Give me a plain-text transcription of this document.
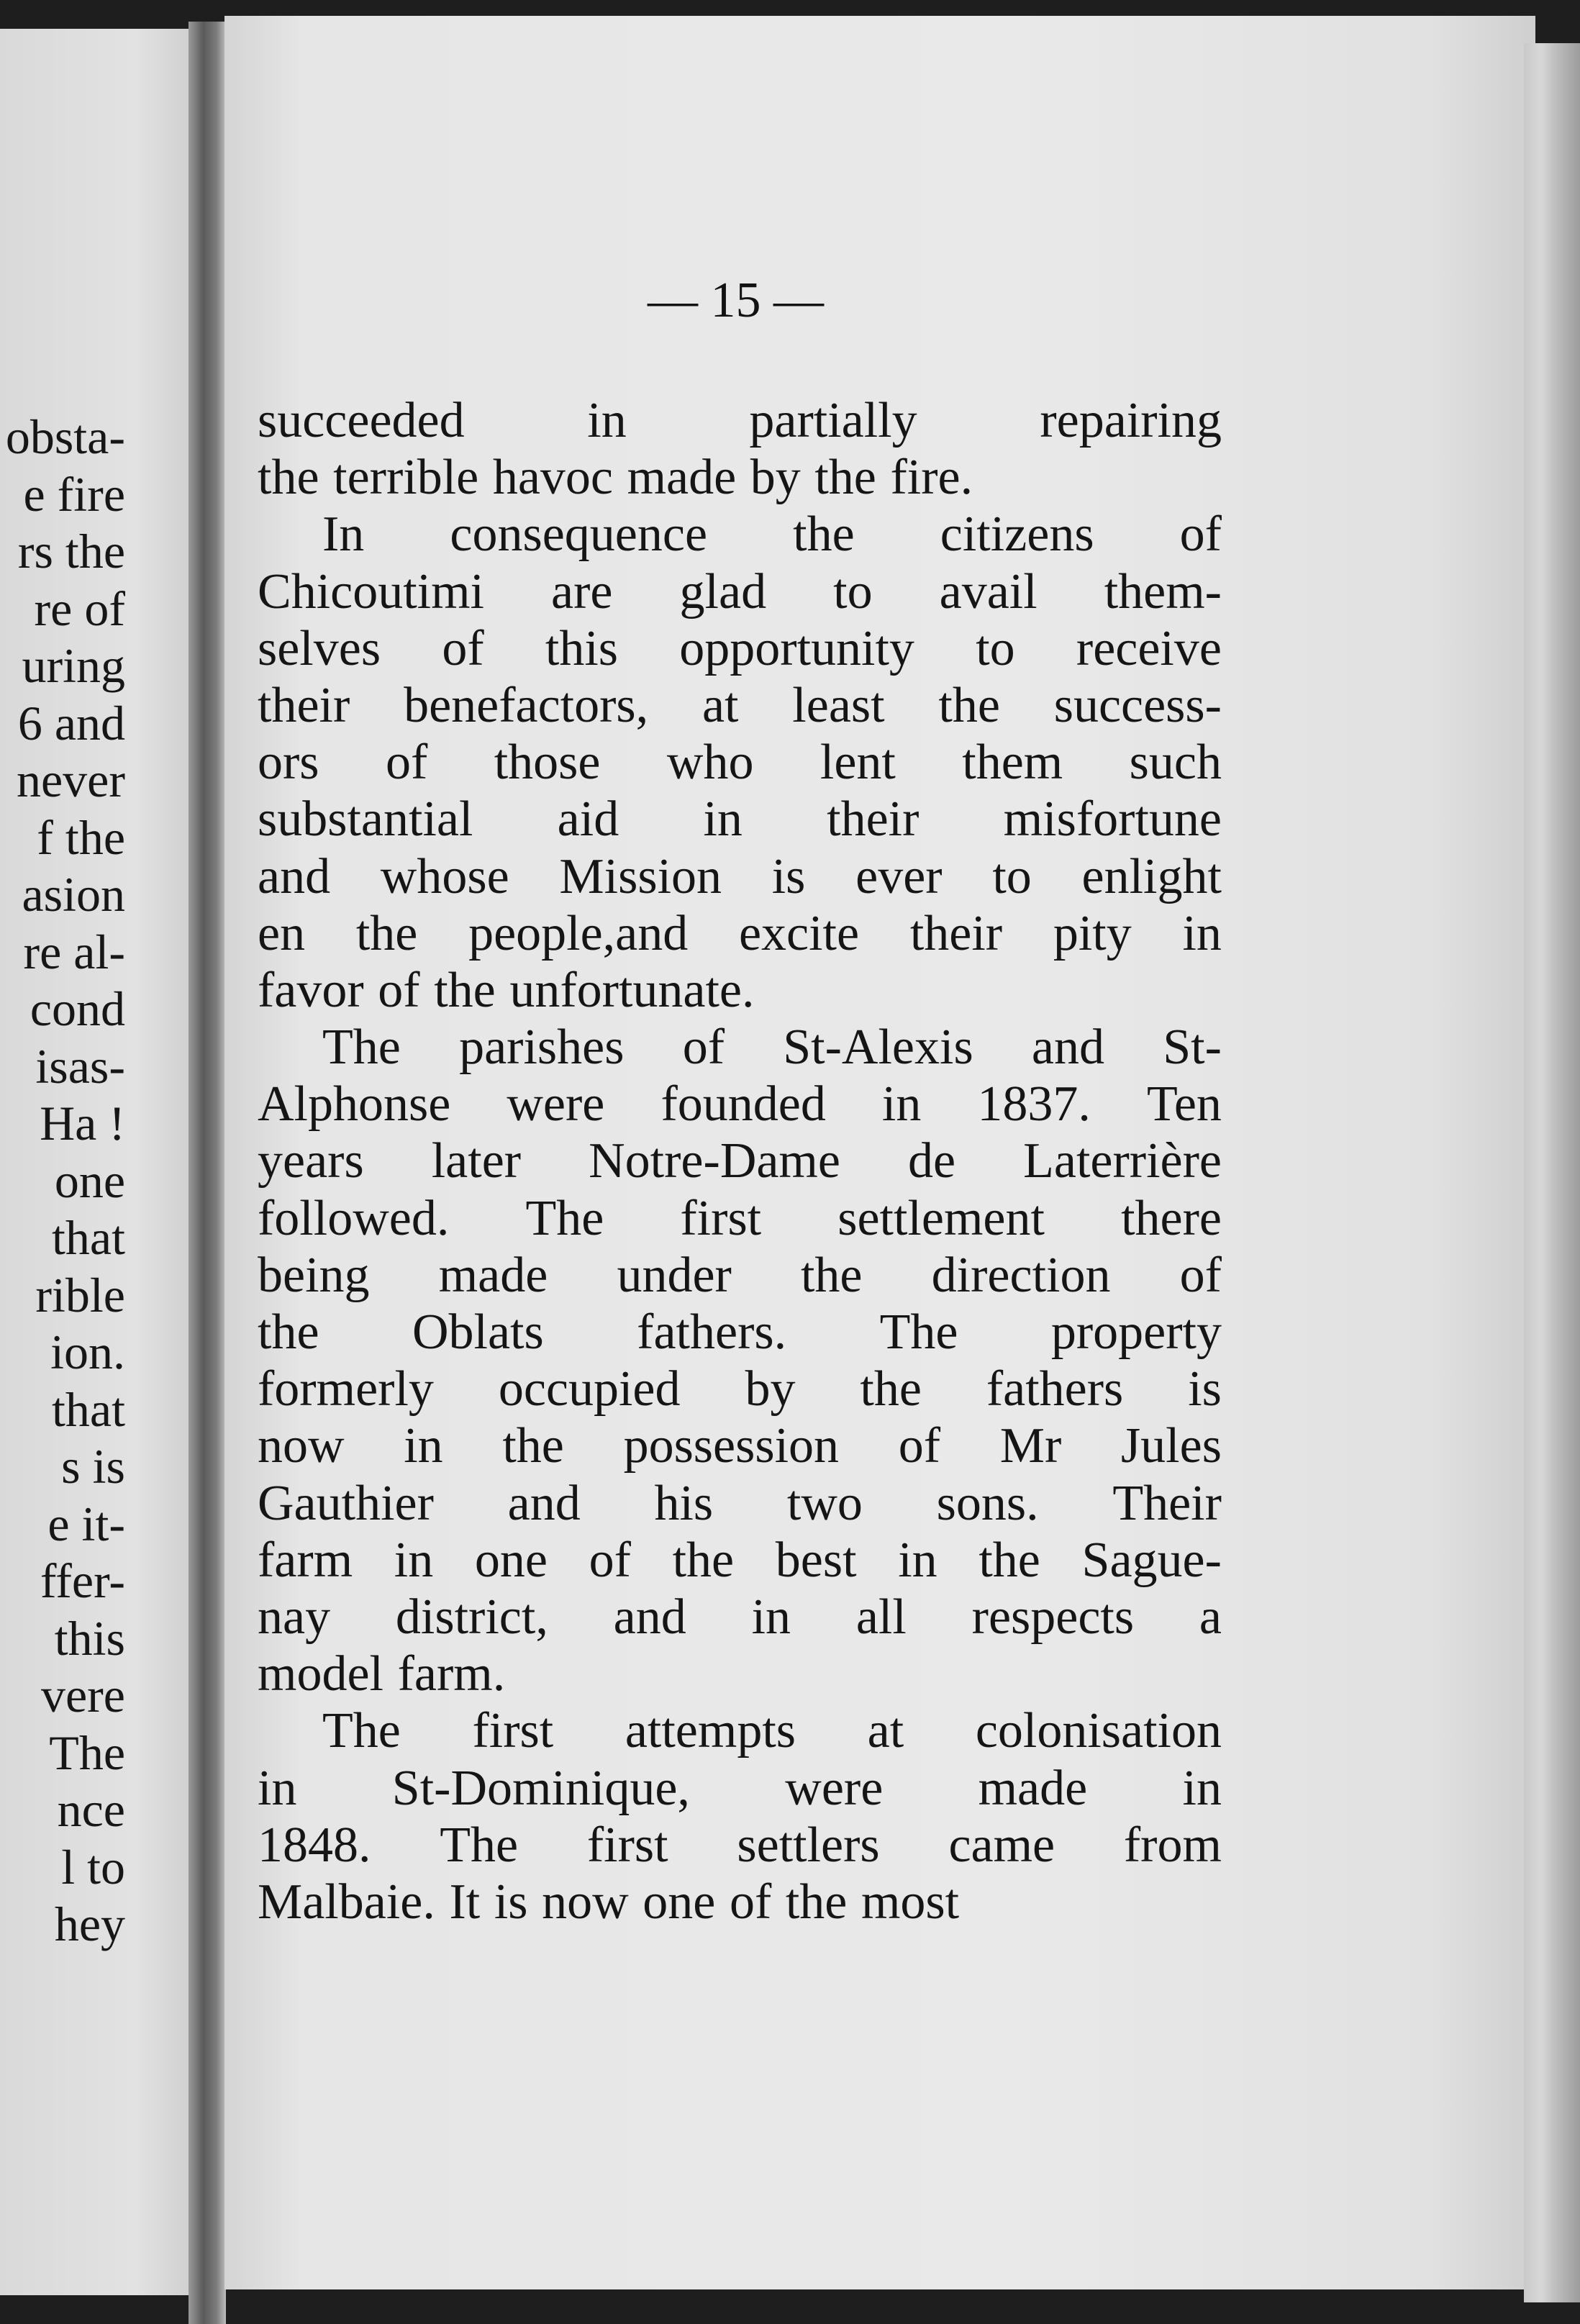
obsta-
e fire
rs the
re of
uring
6 and
never
f the
asion
re al-
cond
isas-
Ha !
one
that
rible
ion.
that
s is
e it-
ffer-
this
vere
The
nce
l to
hey
— 15 —
succeeded in partially repairing
the terrible havoc made by the fire.
In consequence the citizens of
Chicoutimi are glad to avail them-
selves of this opportunity to receive
their benefactors, at least the success-
ors of those who lent them such
substantial aid in their misfortune
and whose Mission is ever to enlight
en the people,and excite their pity in
favor of the unfortunate.
The parishes of St-Alexis and St-
Alphonse were founded in 1837. Ten
years later Notre-Dame de Laterrière
followed. The first settlement there
being made under the direction of
the Oblats fathers. The property
formerly occupied by the fathers is
now in the possession of Mr Jules
Gauthier and his two sons. Their
farm in one of the best in the Sague-
nay district, and in all respects a
model farm.
The first attempts at colonisation
in St-Dominique, were made in
1848. The first settlers came from
Malbaie. It is now one of the most
